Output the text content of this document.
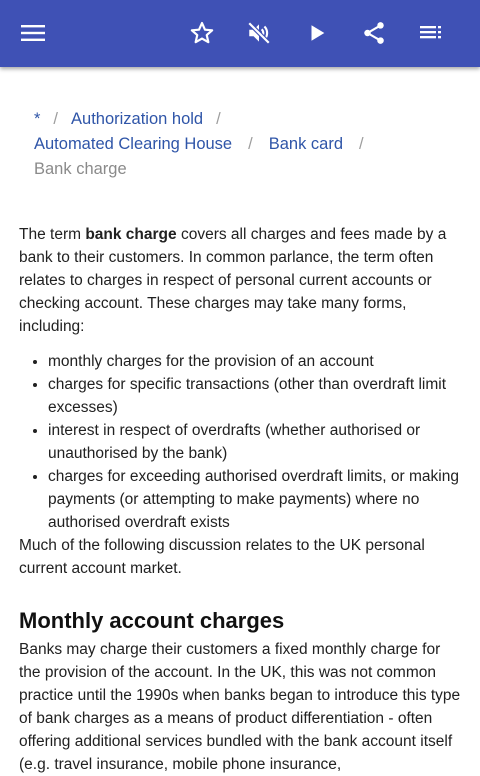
* / Authorization hold /
Automated Clearing House / Bank card /
Bank charge

The term bank charge covers all charges and fees made by a bank to their customers. In common parlance, the term often relates to charges in respect of personal current accounts or checking account. These charges may take many forms, including:

• monthly charges for the provision of an account
• charges for specific transactions (other than overdraft limit excesses)
• interest in respect of overdrafts (whether authorised or unauthorised by the bank)
• charges for exceeding authorised overdraft limits, or making payments (or attempting to make payments) where no authorised overdraft exists

Much of the following discussion relates to the UK personal current account market.

Monthly account charges

Banks may charge their customers a fixed monthly charge for the provision of the account. In the UK, this was not common practice until the 1990s when banks began to introduce this type of bank charges as a means of product differentiation - often offering additional services bundled with the bank account itself (e.g. travel insurance, mobile phone insurance,
